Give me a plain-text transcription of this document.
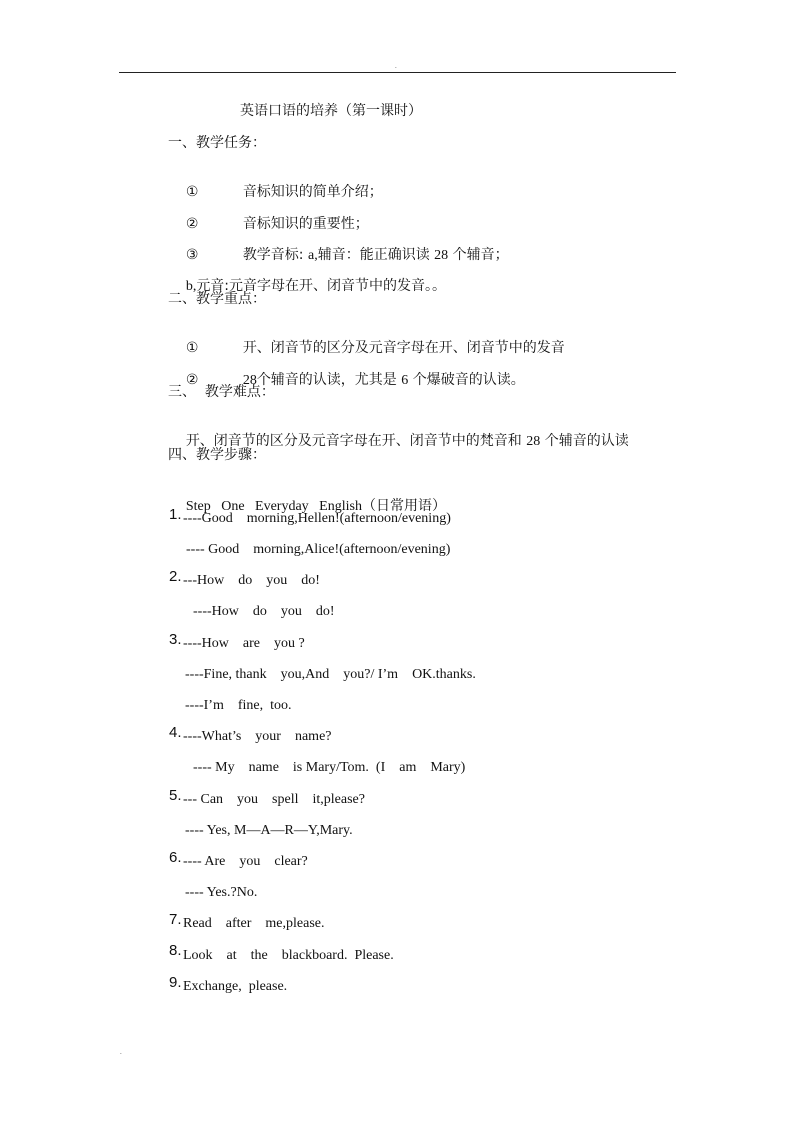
.
英语口语的培养（第一课时）
一、教学任务：

①	音标知识的简单介绍；

②	音标知识的重要性；

③	教学音标: a,辅音：能正确识读 28 个辅音；

b,元音:元音字母在开、闭音节中的发音。。

二、教学重点：

①	开、闭音节的区分及元音字母在开、闭音节中的发音

②	28个辅音的认读，尤其是 6 个爆破音的认读。

三、  教学难点：

开、闭音节的区分及元音字母在开、闭音节中的梵音和 28 个辅音的认读

四、教学步骤：

Step   One   Everyday   English（日常用语）

1. ----Good    morning,Hellen!(afternoon/evening)
---- Good    morning,Alice!(afternoon/evening)
2. ---How    do    you    do!
----How    do    you    do!
3. ----How    are    you ?
----Fine, thank    you,And    you?/ I’m    OK.thanks.
----I’m    fine,  too.
4. ----What’s    your    name?
---- My    name    is Mary/Tom.  (I    am    Mary)
5. --- Can    you    spell    it,please?
---- Yes, M—A—R—Y,Mary.
6. ---- Are    you    clear?
---- Yes.?No.
7. Read    after    me,please.
8. Look    at    the    blackboard.  Please.
9. Exchange,  please.
.
